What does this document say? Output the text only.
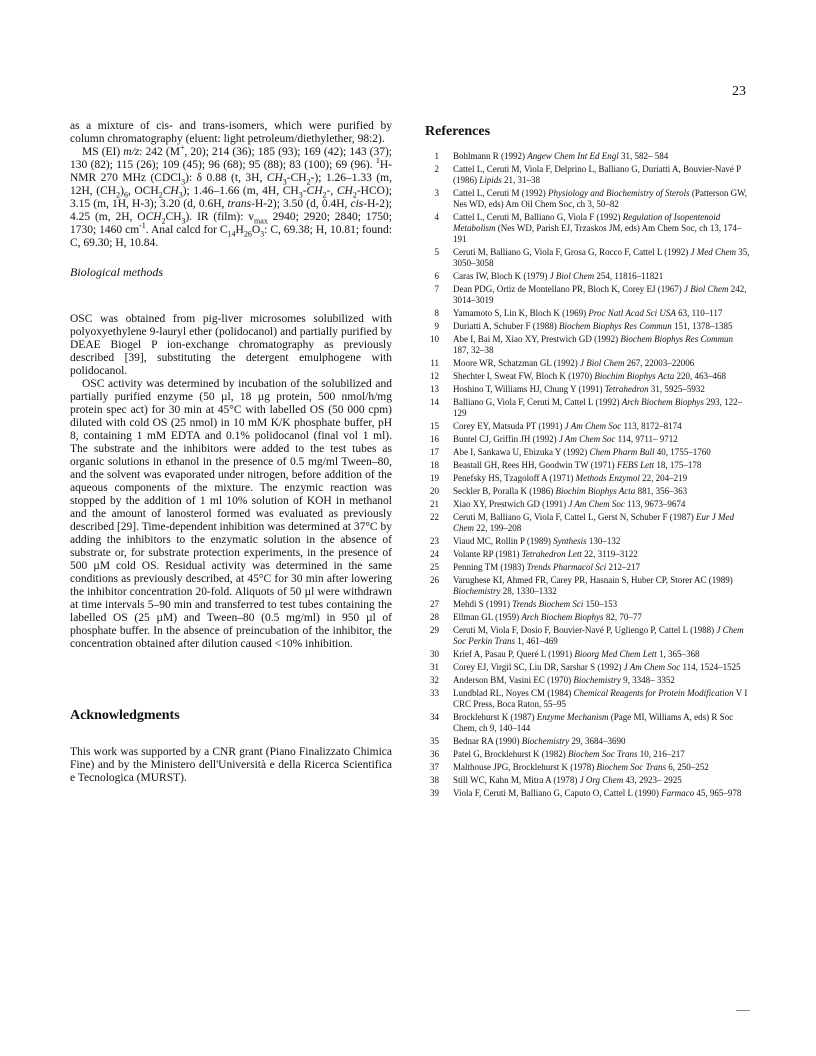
23

as a mixture of cis- and trans-isomers, which were purified by column chromatography (eluent: light petroleum/diethylether, 98:2).

MS (EI) m/z: 242 (M+, 20); 214 (36); 185 (93); 169 (42); 143 (37); 130 (82); 115 (26); 109 (45); 96 (68); 95 (88); 83 (100); 69 (96). $^1$H-NMR 270 MHz (CDCl$_3$): δ 0.88 (t, 3H, $CH_3-CH_2-$); 1.26–1.33 (m, 12H, $(CH_2)_6$, $OCH_2CH_3$); 1.46–1.66 (m, 4H, $CH_3-CH_2-$, $CH_2-HCO$); 3.15 (m, 1H, H-3); 3.20 (d, 0.6H, trans-H-2); 3.50 (d, 0.4H, cis-H-2); 4.25 (m, 2H, $OCH_2CH_3$). IR (film): $v_{max}$ 2940; 2920; 2840; 1750; 1730; 1460 $cm^{-1}$. Anal calcd for $C_{14}H_{26}O_3$: C, 69.38; H, 10.81; found: C, 69.30; H, 10.84.

Biological methods

OSC was obtained from pig-liver microsomes solubilized with polyoxyethylene 9-lauryl ether (polidocanol) and partially purified by DEAE Biogel P ion-exchange chromatography as previously described [39], substituting the detergent emulphogene with polidocanol.

OSC activity was determined by incubation of the solubilized and partially purified enzyme (50 µl, 18 µg protein, 500 nmol/h/mg protein spec act) for 30 min at 45°C with labelled OS (50 000 cpm) diluted with cold OS (25 nmol) in 10 mM K/K phosphate buffer, pH 8, containing 1 mM EDTA and 0.1% polidocanol (final vol 1 ml). The substrate and the inhibitors were added to the test tubes as organic solutions in ethanol in the presence of 0.5 mg/ml Tween–80, and the solvent was evaporated under nitrogen, before addition of the aqueous components of the mixture. The enzymic reaction was stopped by the addition of 1 ml 10% solution of KOH in methanol and the amount of lanosterol formed was evaluated as previously described [29]. Time-dependent inhibition was determined at 37°C by adding the inhibitors to the enzymatic solution in the absence of substrate or, for substrate protection experiments, in the presence of 500 µM cold OS. Residual activity was determined in the same conditions as previously described, at 45°C for 30 min after lowering the inhibitor concentration 20-fold. Aliquots of 50 µl were withdrawn at time intervals 5–90 min and transferred to test tubes containing the labelled OS (25 µM) and Tween–80 (0.5 mg/ml) in 950 µl of phosphate buffer. In the absence of preincubation of the inhibitor, the concentration obtained after dilution caused <10% inhibition.

Acknowledgments

This work was supported by a CNR grant (Piano Finalizzato Chimica Fine) and by the Ministero dell'Università e della Ricerca Scientifica e Tecnologica (MURST).

References
1 Bohlmann R (1992) Angew Chem Int Ed Engl 31, 582– 584
2 Cattel L, Ceruti M, Viola F, Delprino L, Balliano G, Duriatti A, Bouvier-Navé P (1986) Lipids 21, 31–38
3 Cattel L, Ceruti M (1992) Physiology and Biochemistry of Sterols (Patterson GW, Nes WD, eds) Am Oil Chem Soc, ch 3, 50–82
4 Cattel L, Ceruti M, Balliano G, Viola F (1992) Regulation of Isopentenoid Metabolism (Nes WD, Parish EJ, Trzaskos JM, eds) Am Chem Soc, ch 13, 174–191
5 Ceruti M, Balliano G, Viola F, Grosa G, Rocco F, Cattel L (1992) J Med Chem 35, 3050–3058
6 Caras IW, Bloch K (1979) J Biol Chem 254, 11816–11821
7 Dean PDG, Ortiz de Montellano PR, Bloch K, Corey EJ (1967) J Biol Chem 242, 3014–3019
8 Yamamoto S, Lin K, Bloch K (1969) Proc Natl Acad Sci USA 63, 110–117
9 Duriatti A, Schuber F (1988) Biochem Biophys Res Commun 151, 1378–1385
10 Abe I, Bai M, Xiao XY, Prestwich GD (1992) Biochem Biophys Res Commun 187, 32–38
11 Moore WR, Schatzman GL (1992) J Biol Chem 267, 22003–22006
12 Shechter I, Sweat FW, Bloch K (1970) Biochim Biophys Acta 220, 463–468
13 Hoshino T, Williams HJ, Chung Y (1991) Tetrahedron 31, 5925–5932
14 Balliano G, Viola F, Ceruti M, Cattel L (1992) Arch Biochem Biophys 293, 122–129
15 Corey EY, Matsuda PT (1991) J Am Chem Soc 113, 8172–8174
16 Buntel CJ, Griffin JH (1992) J Am Chem Soc 114, 9711– 9712
17 Abe I, Sankawa U, Ebizuka Y (1992) Chem Pharm Bull 40, 1755–1760
18 Beastall GH, Rees HH, Goodwin TW (1971) FEBS Lett 18, 175–178
19 Penefsky HS, Tzagoloff A (1971) Methods Enzymol 22, 204–219
20 Seckler B, Poralla K (1986) Biochim Biophys Acta 881, 356–363
21 Xiao XY, Prestwich GD (1991) J Am Chem Soc 113, 9673–9674
22 Ceruti M, Balliano G, Viola F, Cattel L, Gerst N, Schuber F (1987) Eur J Med Chem 22, 199–208
23 Viaud MC, Rollin P (1989) Synthesis 130–132
24 Volante RP (1981) Tetrahedron Lett 22, 3119–3122
25 Penning TM (1983) Trends Pharmacol Sci 212–217
26 Varughese KI, Ahmed FR, Carey PR, Hasnain S, Huber CP, Storer AC (1989) Biochemistry 28, 1330–1332
27 Mehdi S (1991) Trends Biochem Sci 150–153
28 Ellman GL (1959) Arch Biochem Biophys 82, 70–77
29 Ceruti M, Viola F, Dosio F, Bouvier-Navé P, Ugliengo P, Cattel L (1988) J Chem Soc Perkin Trans 1, 461–469
30 Krief A, Pasau P, Queré L (1991) Bioorg Med Chem Lett 1, 365–368
31 Corey EJ, Virgil SC, Liu DR, Sarshar S (1992) J Am Chem Soc 114, 1524–1525
32 Anderson BM, Vasini EC (1970) Biochemistry 9, 3348– 3352
33 Lundblad RL, Noyes CM (1984) Chemical Reagents for Protein Modification V I CRC Press, Boca Raton, 55–95
34 Brocklehurst K (1987) Enzyme Mechanism (Page MI, Williams A, eds) R Soc Chem, ch 9, 140–144
35 Bednar RA (1990) Biochemistry 29, 3684–3690
36 Patel G, Brocklehurst K (1982) Biochem Soc Trans 10, 216–217
37 Malthouse JPG, Brocklehurst K (1978) Biochem Soc Trans 6, 250–252
38 Still WC, Kahn M, Mitra A (1978) J Org Chem 43, 2923– 2925
39 Viola F, Ceruti M, Balliano G, Caputo O, Cattel L (1990) Farmaco 45, 965–978
